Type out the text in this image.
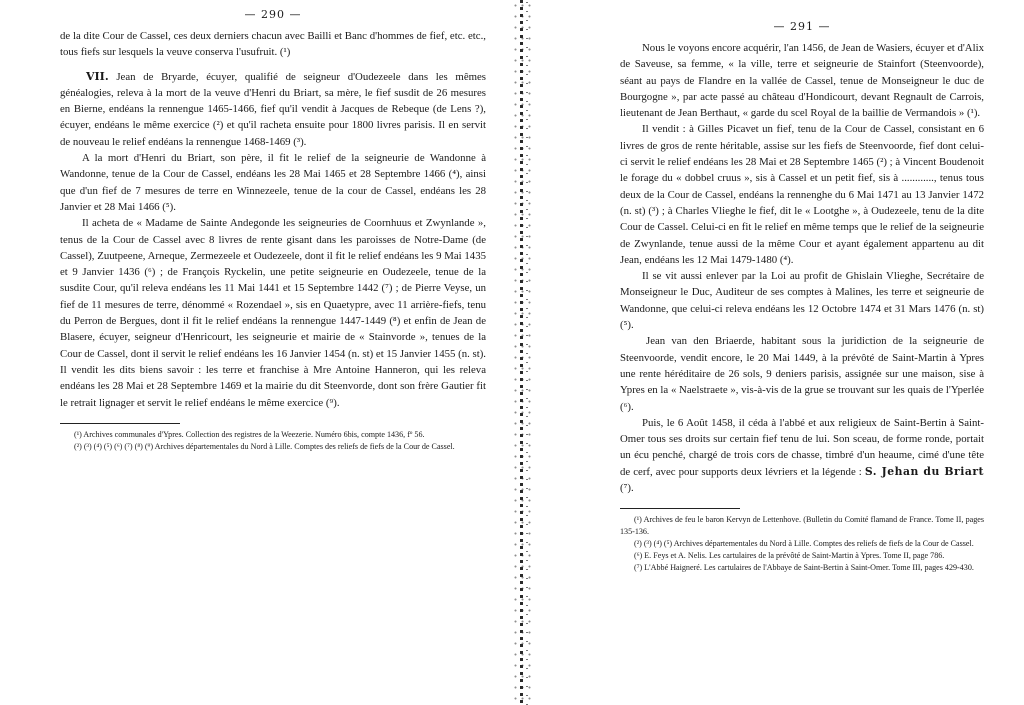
— 290 —

de la dite Cour de Cassel, ces deux derniers chacun avec Bailli et Banc d'hommes de fief, etc. etc., tous fiefs sur lesquels la veuve conserva l'usufruit. (¹)

VII. Jean de Bryarde, écuyer, qualifié de seigneur d'Oudezeele dans les mêmes généalogies, releva à la mort de la veuve d'Henri du Briart, sa mère, le fief susdit de 26 mesures en Bierne, endéans la rennengue 1465-1466, fief qu'il vendit à Jacques de Rebeque (de Lens ?), écuyer, endéans le même exercice (²) et qu'il racheta ensuite pour 1800 livres parisis. Il en servit de nouveau le relief endéans la rennengue 1468-1469 (³).

A la mort d'Henri du Briart, son père, il fit le relief de la seigneurie de Wandonne à Wandonne, tenue de la Cour de Cassel, endéans les 28 Mai 1465 et 28 Septembre 1466 (⁴), ainsi que d'un fief de 7 mesures de terre en Winnezeele, tenue de la cour de Cassel, endéans les 28 Janvier et 28 Mai 1466 (⁵).

Il acheta de « Madame de Sainte Andegonde les seigneuries de Coornhuus et Zwynlande », tenus de la Cour de Cassel avec 8 livres de rente gisant dans les paroisses de Notre-Dame (de Cassel), Zuutpeene, Arneque, Zermezeele et Oudezeele, dont il fit le relief endéans les 9 Mai 1435 et 9 Janvier 1436 (⁶) ; de François Ryckelin, une petite seigneurie en Oudezeele, tenue de la susdite Cour, qu'il releva endéans les 11 Mai 1441 et 15 Septembre 1442 (⁷) ; de Pierre Veyse, un fief de 11 mesures de terre, dénommé « Rozendael », sis en Quaetypre, avec 11 arrière-fiefs, tenu du Perron de Bergues, dont il fit le relief endéans la rennengue 1447-1449 (⁸) et enfin de Jean de Blasere, écuyer, seigneur d'Henricourt, les seigneurie et mairie de « Stainvorde », tenues de la Cour de Cassel, dont il servit le relief endéans les 16 Janvier 1454 (n. st) et 15 Janvier 1455 (n. st). Il vendit les dits biens savoir : les terre et franchise à Mre Antoine Hanneron, qui les releva endéans les 28 Mai et 28 Septembre 1469 et la mairie du dit Steenvorde, dont son frère Gautier fit le retrait lignager et servit le relief endéans le même exercice (⁹).

(¹) Archives communales d'Ypres. Collection des registres de la Weezerie. Numéro 6bis, compte 1436, fº 56.

(²) (³) (⁴) (⁵) (⁶) (⁷) (⁸) (⁹) Archives départementales du Nord à Lille. Comptes des reliefs de fiefs de la Cour de Cassel.

— 291 —

Nous le voyons encore acquérir, l'an 1456, de Jean de Wasiers, écuyer et d'Alix de Saveuse, sa femme, « la ville, terre et seigneurie de Stainfort (Steenvoorde), séant au pays de Flandre en la vallée de Cassel, tenue de Monseigneur le duc de Bourgogne », par acte passé au château d'Hondicourt, devant Regnault de Carrois, lieutenant de Jean Berthaut, « garde du scel Royal de la baillie de Vermandois » (¹).

Il vendit : à Gilles Picavet un fief, tenu de la Cour de Cassel, consistant en 6 livres de gros de rente héritable, assise sur les fiefs de Steenvoorde, fief dont celui-ci servit le relief endéans les 28 Mai et 28 Septembre 1465 (²) ; à Vincent Boudenoit le forage du « dobbel cruus », sis à Cassel et un petit fief, sis à ............, tenus tous deux de la Cour de Cassel, endéans la rennenghe du 6 Mai 1471 au 13 Janvier 1472 (n. st) (³) ; à Charles Vlieghe le fief, dit le « Lootghe », à Oudezeele, tenu de la dite Cour de Cassel. Celui-ci en fit le relief en même temps que le relief de la seigneurie de Zwynlande, tenue aussi de la même Cour et ayant également appartenu au dit Jean, endéans les 12 Mai 1479-1480 (⁴).

Il se vit aussi enlever par la Loi au profit de Ghislain Vlieghe, Secrétaire de Monseigneur le Duc, Auditeur de ses comptes à Malines, les terre et seigneurie de Wandonne, que celui-ci releva endéans les 12 Octobre 1474 et 31 Mars 1476 (n. st) (⁵).

Jean van den Briaerde, habitant sous la juridiction de la seigneurie de Steenvoorde, vendit encore, le 20 Mai 1449, à la prévôté de Saint-Martin à Ypres une rente héréditaire de 26 sols, 9 deniers parisis, assignée sur une maison, sise à Ypres en la « Naelstraete », vis-à-vis de la grue se trouvant sur les quais de l'Yperlée (⁶).

Puis, le 6 Août 1458, il céda à l'abbé et aux religieux de Saint-Bertin à Saint-Omer tous ses droits sur certain fief tenu de lui. Son sceau, de forme ronde, portait un écu penché, chargé de trois cors de chasse, timbré d'un heaume, cimé d'une tête de cerf, avec pour supports deux lévriers et la légende : S. Jehan du Briart (⁷).

(¹) Archives de feu le baron Kervyn de Lettenhove. (Bulletin du Comité flamand de France. Tome II, pages 135-136.

(²) (³) (⁴) (⁵) Archives départementales du Nord à Lille. Comptes des reliefs de fiefs de la Cour de Cassel.

(⁶) E. Feys et A. Nelis. Les cartulaires de la prévôté de Saint-Martin à Ypres. Tome II, page 786.

(⁷) L'Abbé Haigneré. Les cartulaires de l'Abbaye de Saint-Bertin à Saint-Omer. Tome III, pages 429-430.
